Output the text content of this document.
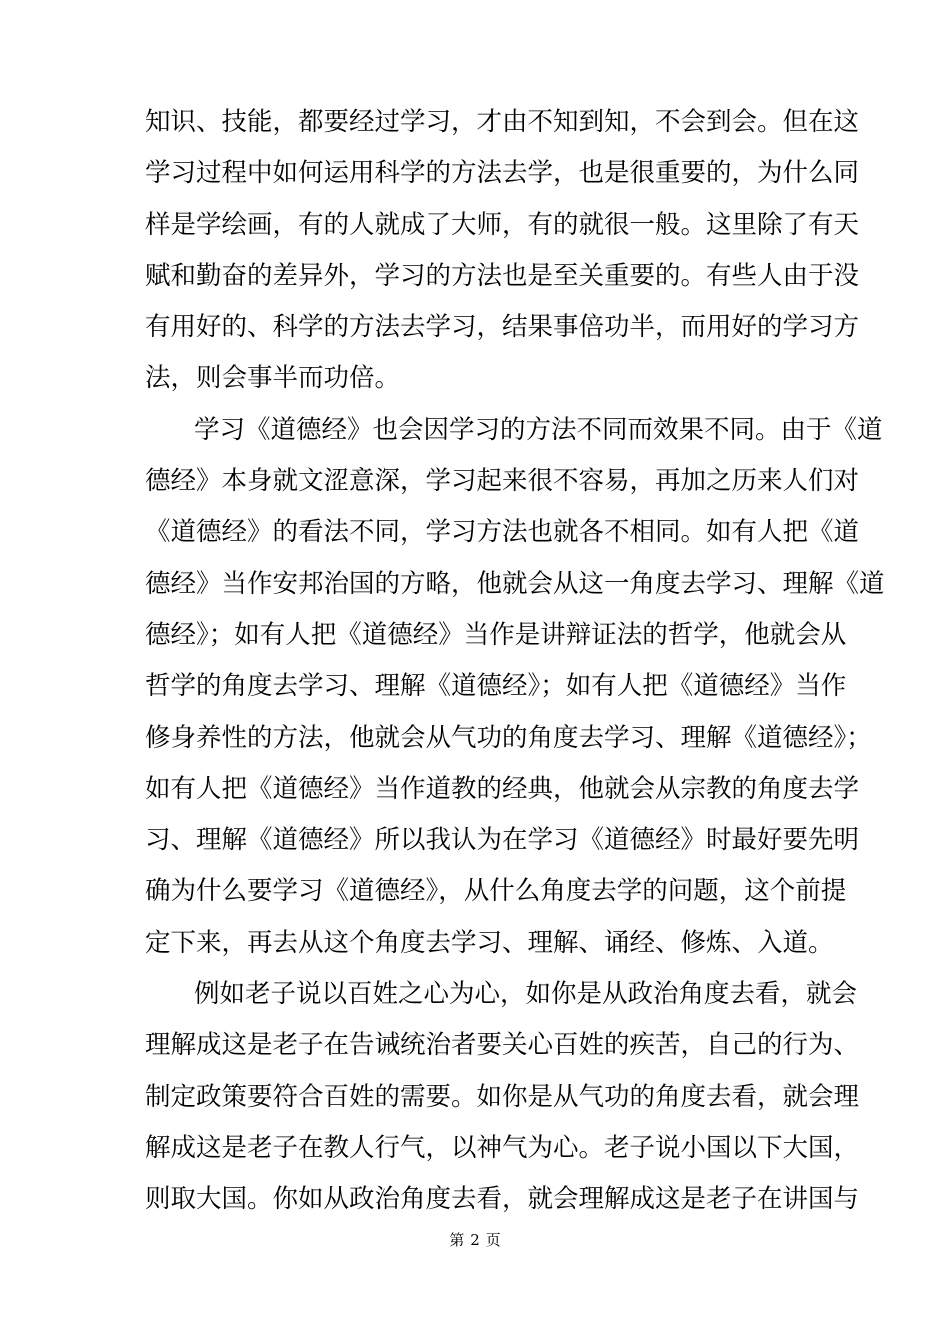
知识、技能，都要经过学习，才由不知到知，不会到会。但在这
学习过程中如何运用科学的方法去学，也是很重要的，为什么同
样是学绘画，有的人就成了大师，有的就很一般。这里除了有天
赋和勤奋的差异外，学习的方法也是至关重要的。有些人由于没
有用好的、科学的方法去学习，结果事倍功半，而用好的学习方
法，则会事半而功倍。
学习《道德经》也会因学习的方法不同而效果不同。由于《道
德经》本身就文涩意深，学习起来很不容易，再加之历来人们对
《道德经》的看法不同，学习方法也就各不相同。如有人把《道
德经》当作安邦治国的方略，他就会从这一角度去学习、理解《道
德经》；如有人把《道德经》当作是讲辩证法的哲学，他就会从
哲学的角度去学习、理解《道德经》；如有人把《道德经》当作
修身养性的方法，他就会从气功的角度去学习、理解《道德经》；
如有人把《道德经》当作道教的经典，他就会从宗教的角度去学
习、理解《道德经》所以我认为在学习《道德经》时最好要先明
确为什么要学习《道德经》，从什么角度去学的问题，这个前提
定下来，再去从这个角度去学习、理解、诵经、修炼、入道。
例如老子说以百姓之心为心，如你是从政治角度去看，就会
理解成这是老子在告诫统治者要关心百姓的疾苦，自己的行为、
制定政策要符合百姓的需要。如你是从气功的角度去看，就会理
解成这是老子在教人行气，以神气为心。老子说小国以下大国，
则取大国。你如从政治角度去看，就会理解成这是老子在讲国与
第 2 页
